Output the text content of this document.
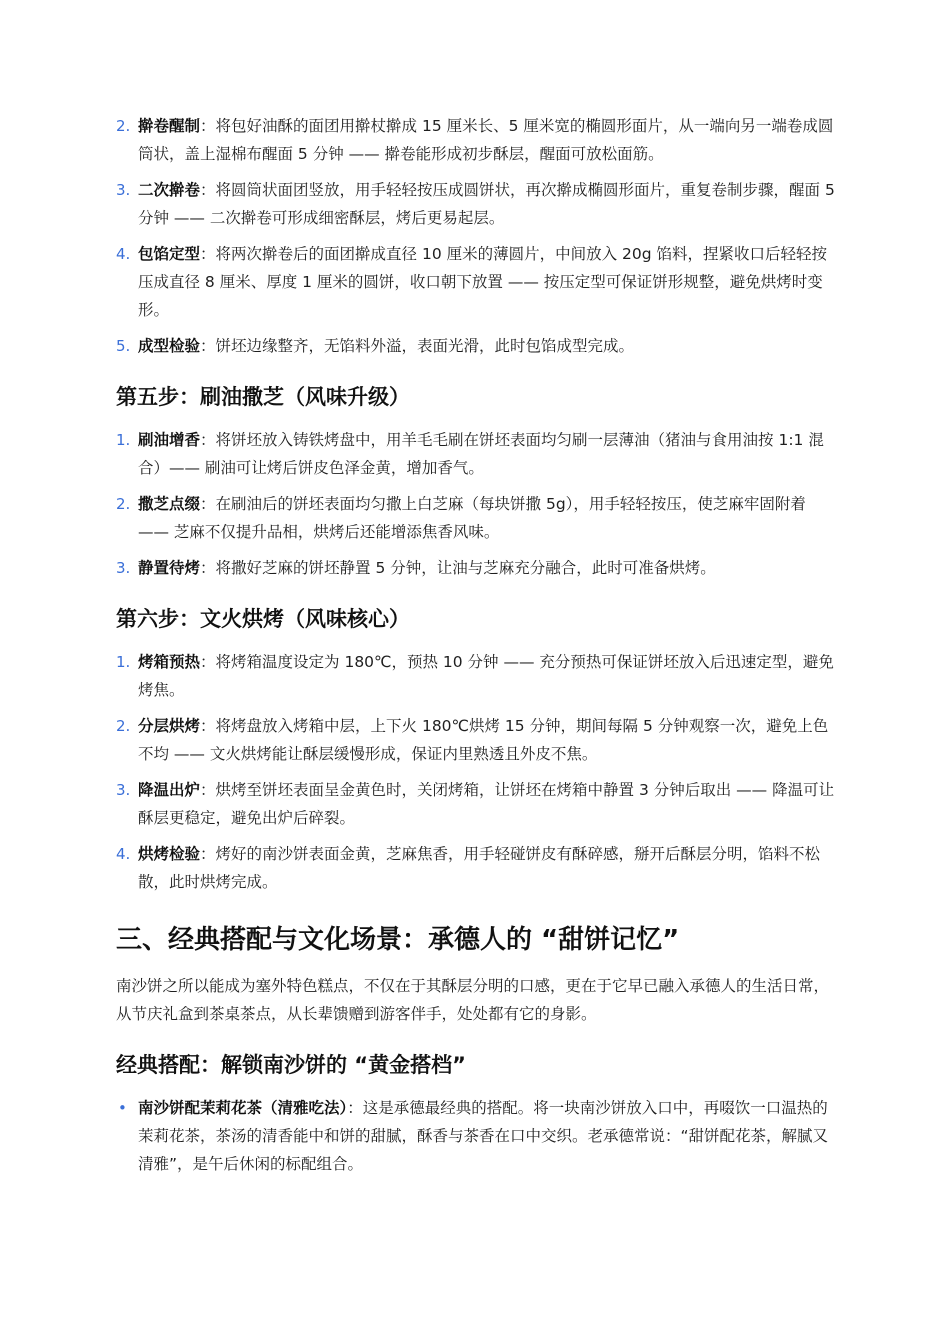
2. 擀卷醒制：将包好油酥的面团用擀杖擀成 15 厘米长、5 厘米宽的椭圆形面片，从一端向另一端卷成圆筒状，盖上湿棉布醒面 5 分钟 —— 擀卷能形成初步酥层，醒面可放松面筋。
3. 二次擀卷：将圆筒状面团竖放，用手轻轻按压成圆饼状，再次擀成椭圆形面片，重复卷制步骤，醒面 5 分钟 —— 二次擀卷可形成细密酥层，烤后更易起层。
4. 包馅定型：将两次擀卷后的面团擀成直径 10 厘米的薄圆片，中间放入 20g 馅料，捏紧收口后轻轻按压成直径 8 厘米、厚度 1 厘米的圆饼，收口朝下放置 —— 按压定型可保证饼形规整，避免烘烤时变形。
5. 成型检验：饼坯边缘整齐，无馅料外溢，表面光滑，此时包馅成型完成。
第五步：刷油撒芝（风味升级）
1. 刷油增香：将饼坯放入铸铁烤盘中，用羊毛毛刷在饼坯表面均匀刷一层薄油（猪油与食用油按 1:1 混合）—— 刷油可让烤后饼皮色泽金黄，增加香气。
2. 撒芝点缀：在刷油后的饼坯表面均匀撒上白芝麻（每块饼撒 5g），用手轻轻按压，使芝麻牢固附着 —— 芝麻不仅提升品相，烘烤后还能增添焦香风味。
3. 静置待烤：将撒好芝麻的饼坯静置 5 分钟，让油与芝麻充分融合，此时可准备烘烤。
第六步：文火烘烤（风味核心）
1. 烤箱预热：将烤箱温度设定为 180℃，预热 10 分钟 —— 充分预热可保证饼坯放入后迅速定型，避免烤焦。
2. 分层烘烤：将烤盘放入烤箱中层，上下火 180℃烘烤 15 分钟，期间每隔 5 分钟观察一次，避免上色不均 —— 文火烘烤能让酥层缓慢形成，保证内里熟透且外皮不焦。
3. 降温出炉：烘烤至饼坯表面呈金黄色时，关闭烤箱，让饼坯在烤箱中静置 3 分钟后取出 —— 降温可让酥层更稳定，避免出炉后碎裂。
4. 烘烤检验：烤好的南沙饼表面金黄，芝麻焦香，用手轻碰饼皮有酥碎感，掰开后酥层分明，馅料不松散，此时烘烤完成。
三、经典搭配与文化场景：承德人的 “甜饼记忆”

南沙饼之所以能成为塞外特色糕点，不仅在于其酥层分明的口感，更在于它早已融入承德人的生活日常，从节庆礼盒到茶桌茶点，从长辈馈赠到游客伴手，处处都有它的身影。

经典搭配：解锁南沙饼的 “黄金搭档”
• 南沙饼配茉莉花茶（清雅吃法）：这是承德最经典的搭配。将一块南沙饼放入口中，再啜饮一口温热的茉莉花茶，茶汤的清香能中和饼的甜腻，酥香与茶香在口中交织。老承德常说：“甜饼配花茶，解腻又清雅”，是午后休闲的标配组合。
